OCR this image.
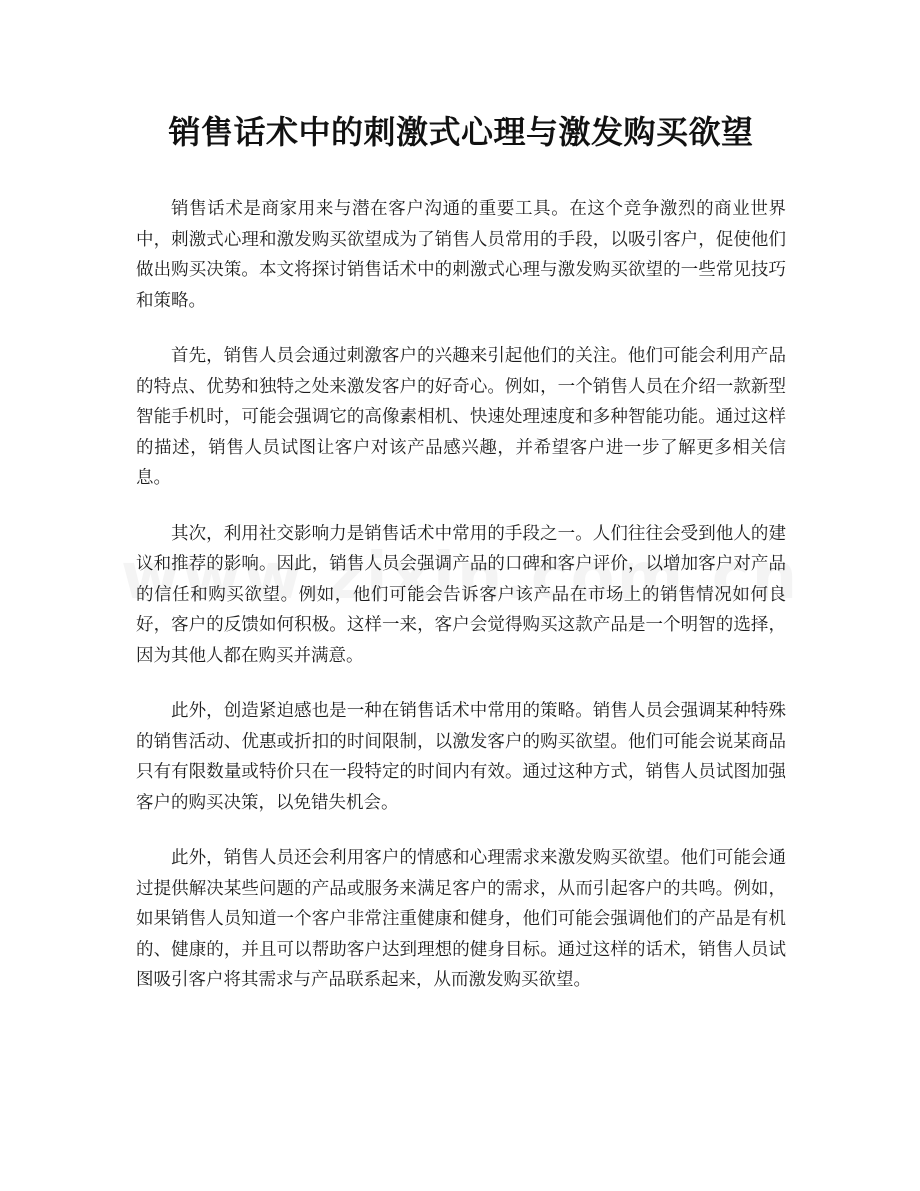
销售话术中的刺激式心理与激发购买欲望

销售话术是商家用来与潜在客户沟通的重要工具。在这个竞争激烈的商业世界中，刺激式心理和激发购买欲望成为了销售人员常用的手段，以吸引客户，促使他们做出购买决策。本文将探讨销售话术中的刺激式心理与激发购买欲望的一些常见技巧和策略。

首先，销售人员会通过刺激客户的兴趣来引起他们的关注。他们可能会利用产品的特点、优势和独特之处来激发客户的好奇心。例如，一个销售人员在介绍一款新型智能手机时，可能会强调它的高像素相机、快速处理速度和多种智能功能。通过这样的描述，销售人员试图让客户对该产品感兴趣，并希望客户进一步了解更多相关信息。

其次，利用社交影响力是销售话术中常用的手段之一。人们往往会受到他人的建议和推荐的影响。因此，销售人员会强调产品的口碑和客户评价，以增加客户对产品的信任和购买欲望。例如，他们可能会告诉客户该产品在市场上的销售情况如何良好，客户的反馈如何积极。这样一来，客户会觉得购买这款产品是一个明智的选择，因为其他人都在购买并满意。

此外，创造紧迫感也是一种在销售话术中常用的策略。销售人员会强调某种特殊的销售活动、优惠或折扣的时间限制，以激发客户的购买欲望。他们可能会说某商品只有有限数量或特价只在一段特定的时间内有效。通过这种方式，销售人员试图加强客户的购买决策，以免错失机会。

此外，销售人员还会利用客户的情感和心理需求来激发购买欲望。他们可能会通过提供解决某些问题的产品或服务来满足客户的需求，从而引起客户的共鸣。例如，如果销售人员知道一个客户非常注重健康和健身，他们可能会强调他们的产品是有机的、健康的，并且可以帮助客户达到理想的健身目标。通过这样的话术，销售人员试图吸引客户将其需求与产品联系起来，从而激发购买欲望。
